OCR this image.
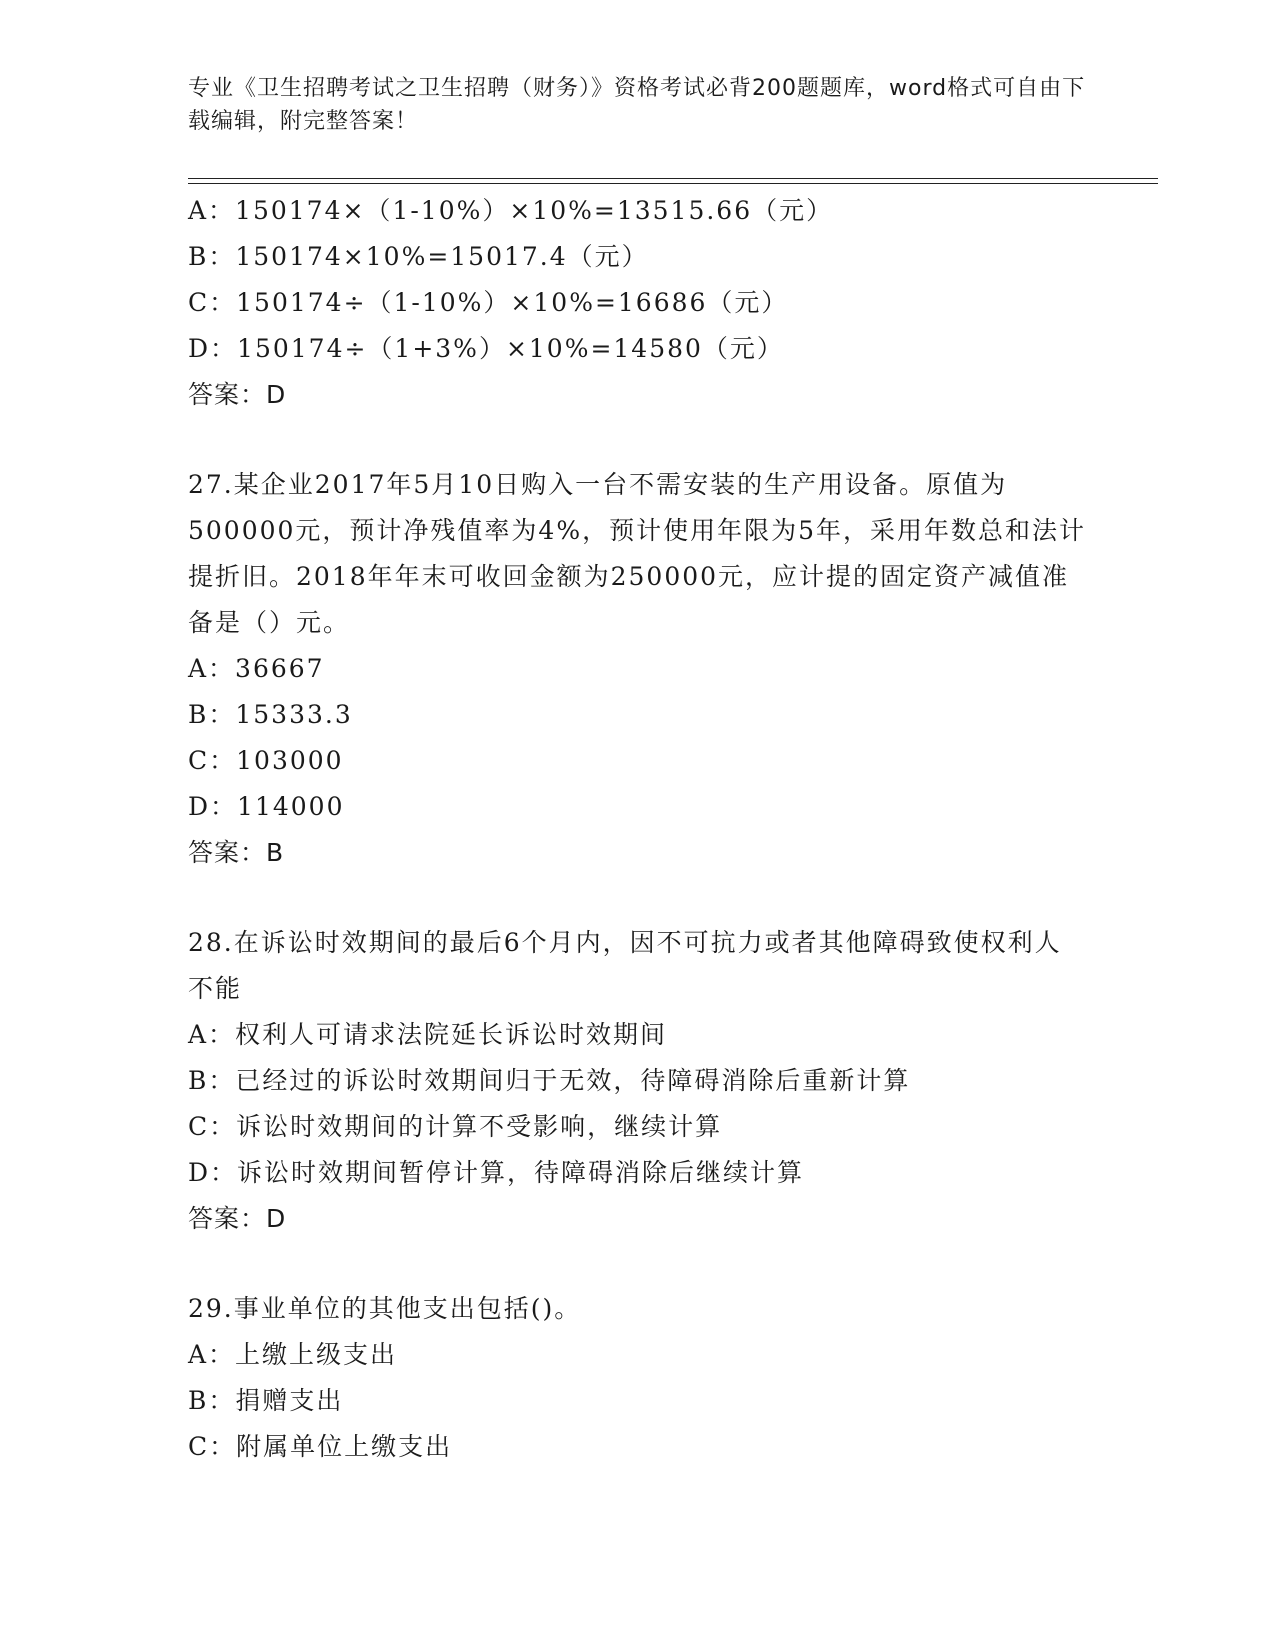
专业《卫生招聘考试之卫生招聘（财务）》资格考试必背200题题库，word格式可自由下载编辑，附完整答案！
A：150174×（1-10%）×10%=13515.66（元）
B：150174×10%=15017.4（元）
C：150174÷（1-10%）×10%=16686（元）
D：150174÷（1+3%）×10%=14580（元）
答案：D
27.某企业2017年5月10日购入一台不需安装的生产用设备。原值为500000元，预计净残值率为4%，预计使用年限为5年，采用年数总和法计提折旧。2018年年末可收回金额为250000元，应计提的固定资产减值准备是（）元。
A：36667
B：15333.3
C：103000
D：114000
答案：B
28.在诉讼时效期间的最后6个月内，因不可抗力或者其他障碍致使权利人不能
A：权利人可请求法院延长诉讼时效期间
B：已经过的诉讼时效期间归于无效，待障碍消除后重新计算
C：诉讼时效期间的计算不受影响，继续计算
D：诉讼时效期间暂停计算，待障碍消除后继续计算
答案：D
29.事业单位的其他支出包括()。
A：上缴上级支出
B：捐赠支出
C：附属单位上缴支出
